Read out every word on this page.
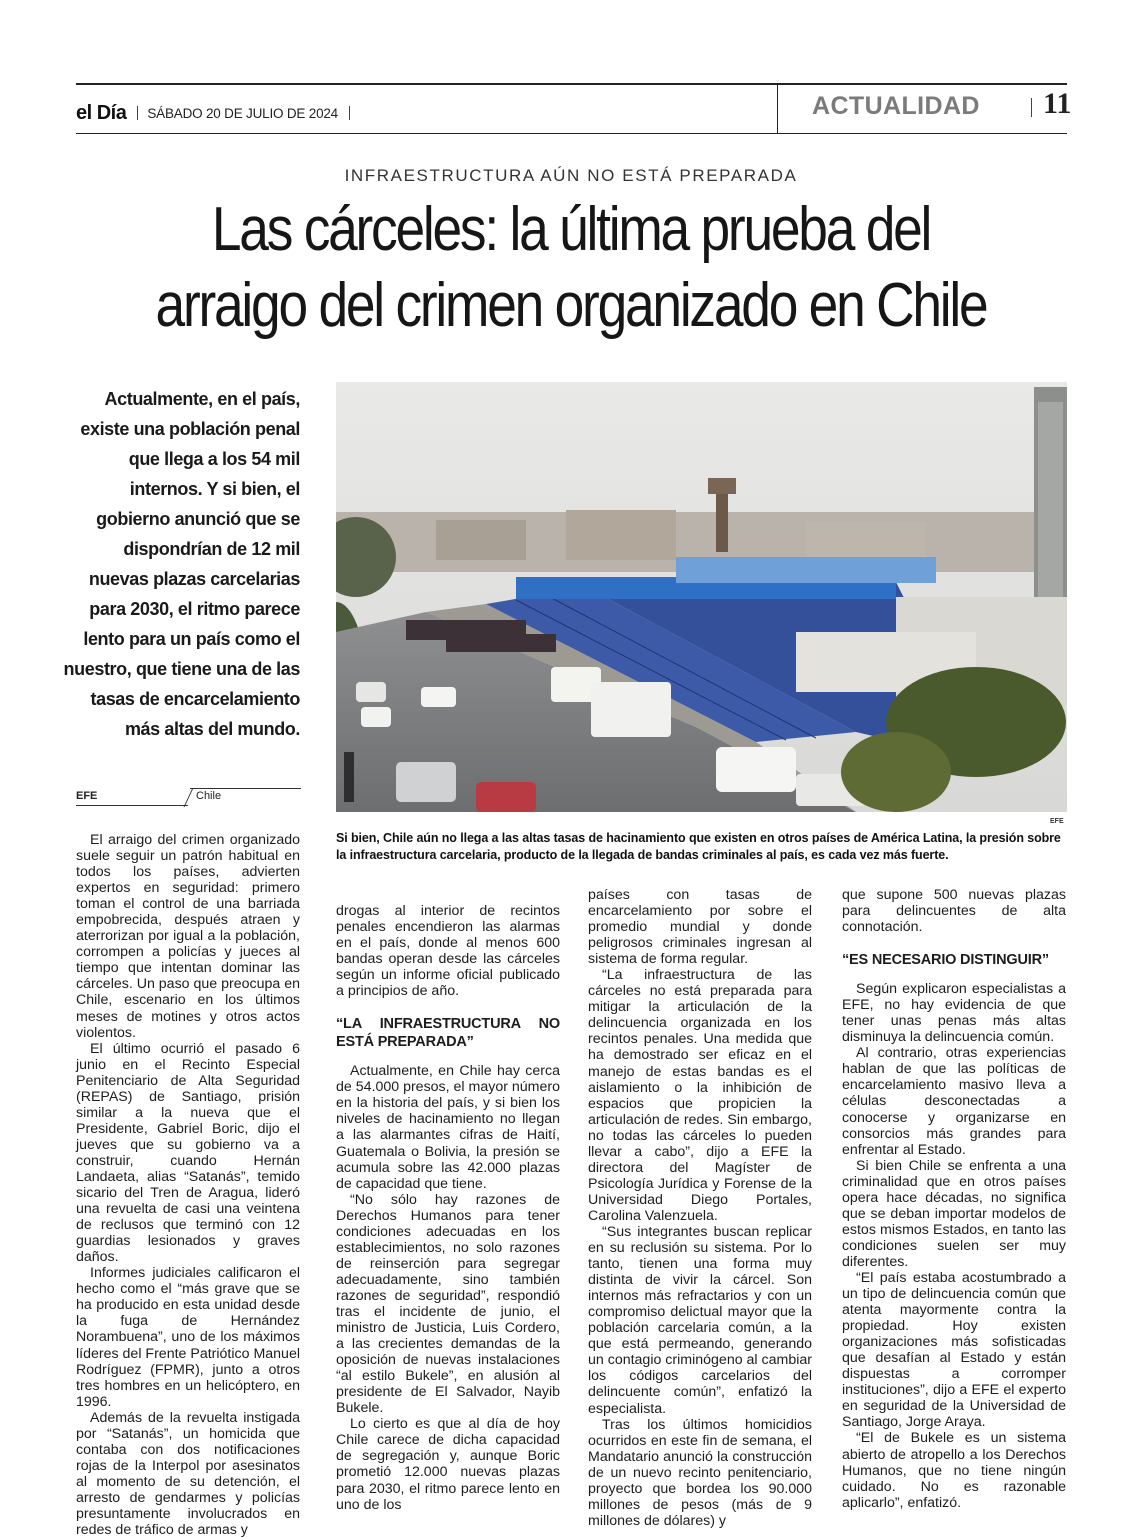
el Día SÁBADO 20 DE JULIO DE 2024	ACTUALIDAD 11
INFRAESTRUCTURA AÚN NO ESTÁ PREPARADA
Las cárceles: la última prueba del
arraigo del crimen organizado en Chile
Actualmente, en el país, existe una población penal que llega a los 54 mil internos. Y si bien, el gobierno anunció que se dispondrían de 12 mil nuevas plazas carcelarias para 2030, el ritmo parece lento para un país como el nuestro, que tiene una de las tasas de encarcelamiento más altas del mundo.
EFE	Chile
EFE
Si bien, Chile aún no llega a las altas tasas de hacinamiento que existen en otros países de América Latina, la presión sobre la infraestructura carcelaria, producto de la llegada de bandas criminales al país, es cada vez más fuerte.

El arraigo del crimen organizado suele seguir un patrón habitual en todos los países, advierten expertos en seguridad: primero toman el control de una barriada empobrecida, después atraen y aterrorizan por igual a la población, corrompen a policías y jueces al tiempo que intentan dominar las cárceles. Un paso que preocupa en Chile, escenario en los últimos meses de motines y otros actos violentos.

El último ocurrió el pasado 6 junio en el Recinto Especial Penitenciario de Alta Seguridad (REPAS) de Santiago, prisión similar a la nueva que el Presidente, Gabriel Boric, dijo el jueves que su gobierno va a construir, cuando Hernán Landaeta, alias “Satanás”, temido sicario del Tren de Aragua, lideró una revuelta de casi una veintena de reclusos que terminó con 12 guardias lesionados y graves daños.

Informes judiciales calificaron el hecho como el “más grave que se ha producido en esta unidad desde la fuga de Hernández Norambuena”, uno de los máximos líderes del Frente Patriótico Manuel Rodríguez (FPMR), junto a otros tres hombres en un helicóptero, en 1996.

Además de la revuelta instigada por “Satanás”, un homicida que contaba con dos notificaciones rojas de la Interpol por asesinatos al momento de su detención, el arresto de gendarmes y policías presuntamente involucrados en redes de tráfico de armas y

drogas al interior de recintos penales encendieron las alarmas en el país, donde al menos 600 bandas operan desde las cárceles según un informe oficial publicado a principios de año.

“LA INFRAESTRUCTURA NO ESTÁ PREPARADA”

Actualmente, en Chile hay cerca de 54.000 presos, el mayor número en la historia del país, y si bien los niveles de hacinamiento no llegan a las alarmantes cifras de Haití, Guatemala o Bolivia, la presión se acumula sobre las 42.000 plazas de capacidad que tiene.

“No sólo hay razones de Derechos Humanos para tener condiciones adecuadas en los establecimientos, no solo razones de reinserción para segregar adecuadamente, sino también razones de seguridad”, respondió tras el incidente de junio, el ministro de Justicia, Luis Cordero, a las crecientes demandas de la oposición de nuevas instalaciones “al estilo Bukele”, en alusión al presidente de El Salvador, Nayib Bukele.

Lo cierto es que al día de hoy Chile carece de dicha capacidad de segregación y, aunque Boric prometió 12.000 nuevas plazas para 2030, el ritmo parece lento en uno de los

países con tasas de encarcelamiento por sobre el promedio mundial y donde peligrosos criminales ingresan al sistema de forma regular.

“La infraestructura de las cárceles no está preparada para mitigar la articulación de la delincuencia organizada en los recintos penales. Una medida que ha demostrado ser eficaz en el manejo de estas bandas es el aislamiento o la inhibición de espacios que propicien la articulación de redes. Sin embargo, no todas las cárceles lo pueden llevar a cabo”, dijo a EFE la directora del Magíster de Psicología Jurídica y Forense de la Universidad Diego Portales, Carolina Valenzuela.

“Sus integrantes buscan replicar en su reclusión su sistema. Por lo tanto, tienen una forma muy distinta de vivir la cárcel. Son internos más refractarios y con un compromiso delictual mayor que la población carcelaria común, a la que está permeando, generando un contagio criminógeno al cambiar los códigos carcelarios del delincuente común”, enfatizó la especialista.

Tras los últimos homicidios ocurridos en este fin de semana, el Mandatario anunció la construcción de un nuevo recinto penitenciario, proyecto que bordea los 90.000 millones de pesos (más de 9 millones de dólares) y

que supone 500 nuevas plazas para delincuentes de alta connotación.

“ES NECESARIO DISTINGUIR”

Según explicaron especialistas a EFE, no hay evidencia de que tener unas penas más altas disminuya la delincuencia común.

Al contrario, otras experiencias hablan de que las políticas de encarcelamiento masivo lleva a células desconectadas a conocerse y organizarse en consorcios más grandes para enfrentar al Estado.

Si bien Chile se enfrenta a una criminalidad que en otros países opera hace décadas, no significa que se deban importar modelos de estos mismos Estados, en tanto las condiciones suelen ser muy diferentes.

“El país estaba acostumbrado a un tipo de delincuencia común que atenta mayormente contra la propiedad. Hoy existen organizaciones más sofisticadas que desafían al Estado y están dispuestas a corromper instituciones”, dijo a EFE el experto en seguridad de la Universidad de Santiago, Jorge Araya.

“El de Bukele es un sistema abierto de atropello a los Derechos Humanos, que no tiene ningún cuidado. No es razonable aplicarlo”, enfatizó.
